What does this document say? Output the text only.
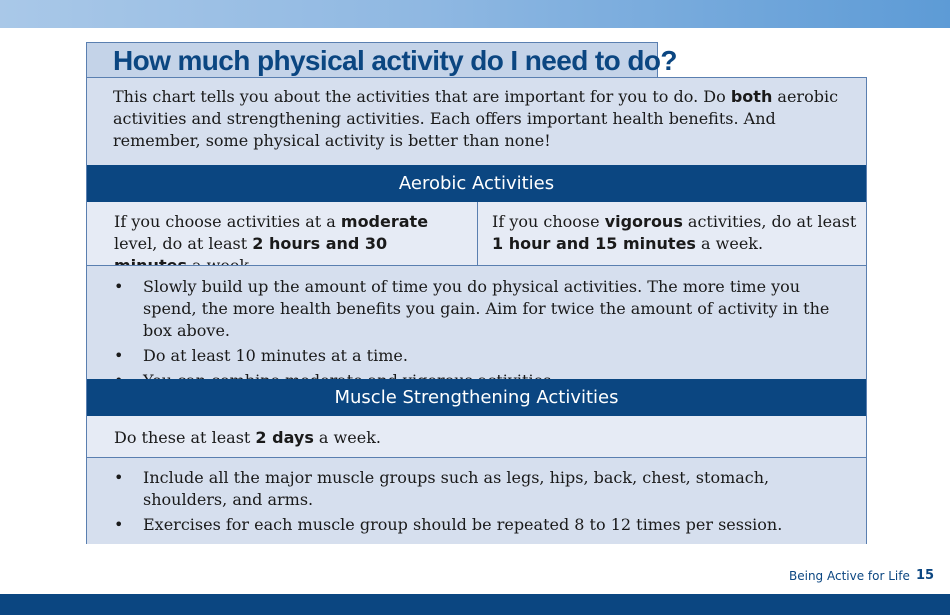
How much physical activity do I need to do?

This chart tells you about the activities that are important for you to do. Do both aerobic activities and strengthening activities. Each offers important health benefits. And remember, some physical activity is better than none!

Aerobic Activities

If you choose activities at a moderate level, do at least 2 hours and 30

If you choose vigorous activities, do at least
1 hour and 15 minutes a week.

• Slowly build up the amount of time you do physical activities. The more time you spend, the more health benefits you gain. Aim for twice the amount of activity in the box above.
• Do at least 10 minutes at a time.
Muscle Strengthening Activities

Do these at least 2 days a week.

• Include all the major muscle groups such as legs, hips, back, chest, stomach, shoulders, and arms.
• Exercises for each muscle group should be repeated 8 to 12 times per session.
Being Active for Life 15
